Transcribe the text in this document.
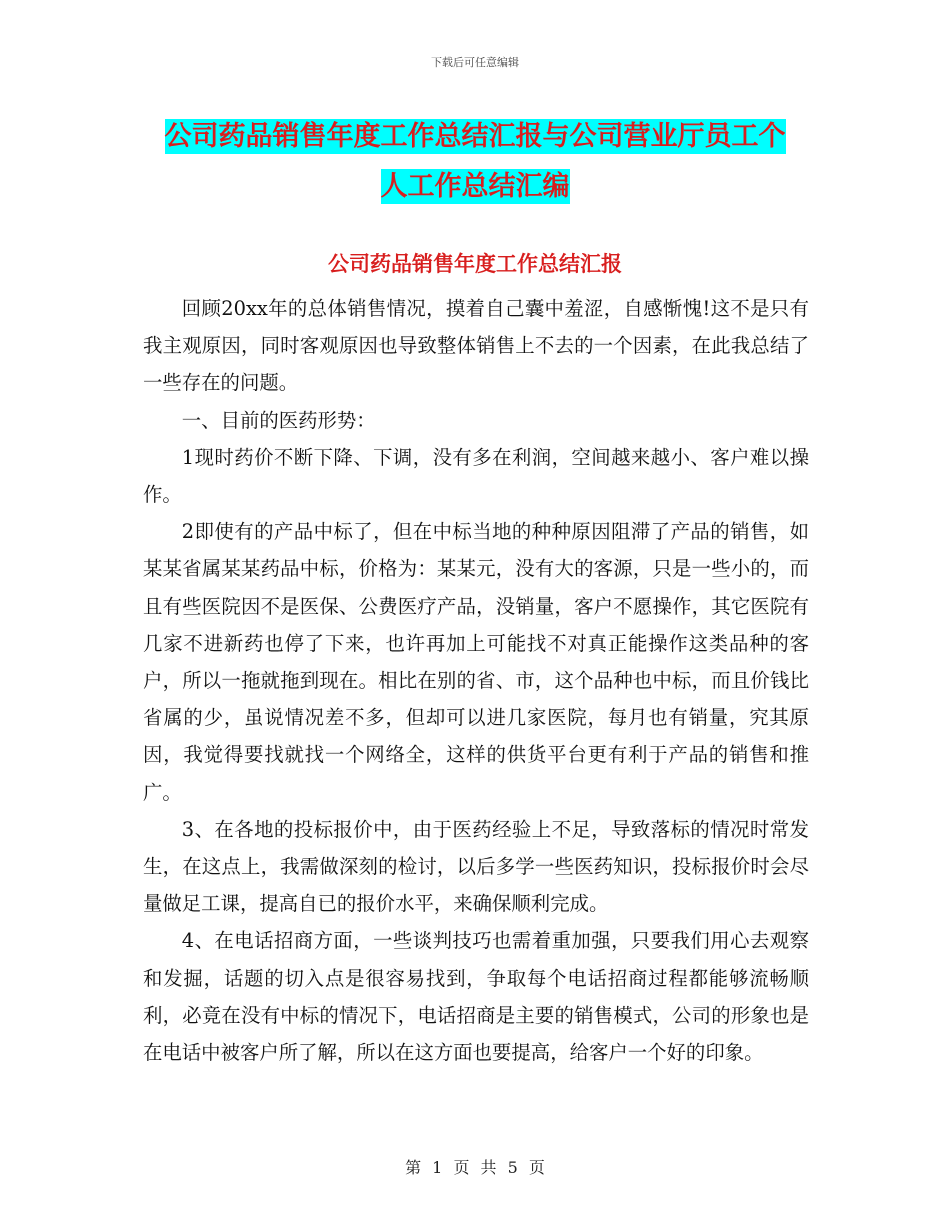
下载后可任意编辑
公司药品销售年度工作总结汇报与公司营业厅员工个
人工作总结汇编
公司药品销售年度工作总结汇报

回顾20xx年的总体销售情况，摸着自己囊中羞涩，自感惭愧!这不是只有我主观原因，同时客观原因也导致整体销售上不去的一个因素，在此我总结了一些存在的问题。

一、目前的医药形势：

1现时药价不断下降、下调，没有多在利润，空间越来越小、客户难以操作。

2即使有的产品中标了，但在中标当地的种种原因阻滞了产品的销售，如某某省属某某药品中标，价格为：某某元，没有大的客源，只是一些小的，而且有些医院因不是医保、公费医疗产品，没销量，客户不愿操作，其它医院有几家不进新药也停了下来，也许再加上可能找不对真正能操作这类品种的客户，所以一拖就拖到现在。相比在别的省、市，这个品种也中标，而且价钱比省属的少，虽说情况差不多，但却可以进几家医院，每月也有销量，究其原因，我觉得要找就找一个网络全，这样的供货平台更有利于产品的销售和推广。

3、在各地的投标报价中，由于医药经验上不足，导致落标的情况时常发生，在这点上，我需做深刻的检讨，以后多学一些医药知识，投标报价时会尽量做足工课，提高自已的报价水平，来确保顺利完成。

4、在电话招商方面，一些谈判技巧也需着重加强，只要我们用心去观察和发掘，话题的切入点是很容易找到，争取每个电话招商过程都能够流畅顺利，必竟在没有中标的情况下，电话招商是主要的销售模式，公司的形象也是在电话中被客户所了解，所以在这方面也要提高，给客户一个好的印象。

第 1 页 共 5 页
